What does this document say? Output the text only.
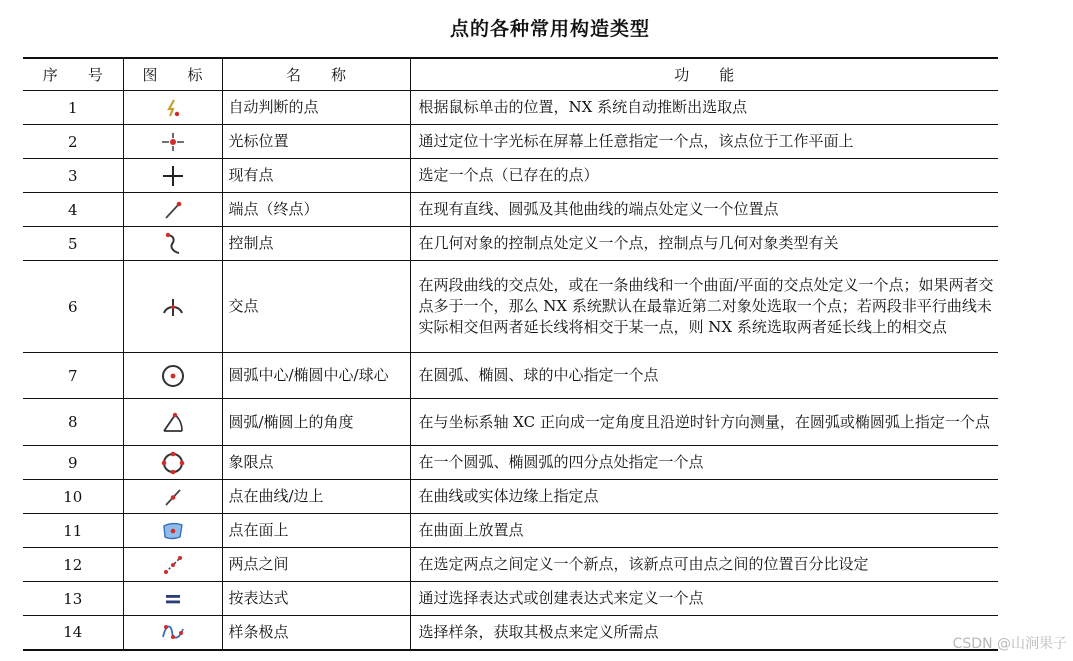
点的各种常用构造类型
序　　号	图　　标	名　　称	功　　能
1		自动判断的点	根据鼠标单击的位置，NX 系统自动推断出选取点
2		光标位置	通过定位十字光标在屏幕上任意指定一个点，该点位于工作平面上
3		现有点	选定一个点（已存在的点）
4		端点（终点）	在现有直线、圆弧及其他曲线的端点处定义一个位置点
5		控制点	在几何对象的控制点处定义一个点，控制点与几何对象类型有关
6		交点	在两段曲线的交点处，或在一条曲线和一个曲面/平面的交点处定义一个点；如果两者交点多于一个，那么 NX 系统默认在最靠近第二对象处选取一个点；若两段非平行曲线未实际相交但两者延长线将相交于某一点，则 NX 系统选取两者延长线上的相交点
7		圆弧中心/椭圆中心/球心	在圆弧、椭圆、球的中心指定一个点
8		圆弧/椭圆上的角度	在与坐标系轴 XC 正向成一定角度且沿逆时针方向测量，在圆弧或椭圆弧上指定一个点
9		象限点	在一个圆弧、椭圆弧的四分点处指定一个点
10		点在曲线/边上	在曲线或实体边缘上指定点
11		点在面上	在曲面上放置点
12		两点之间	在选定两点之间定义一个新点，该新点可由点之间的位置百分比设定
13		按表达式	通过选择表达式或创建表达式来定义一个点
14		样条极点	选择样条，获取其极点来定义所需点
CSDN @山涧果子
